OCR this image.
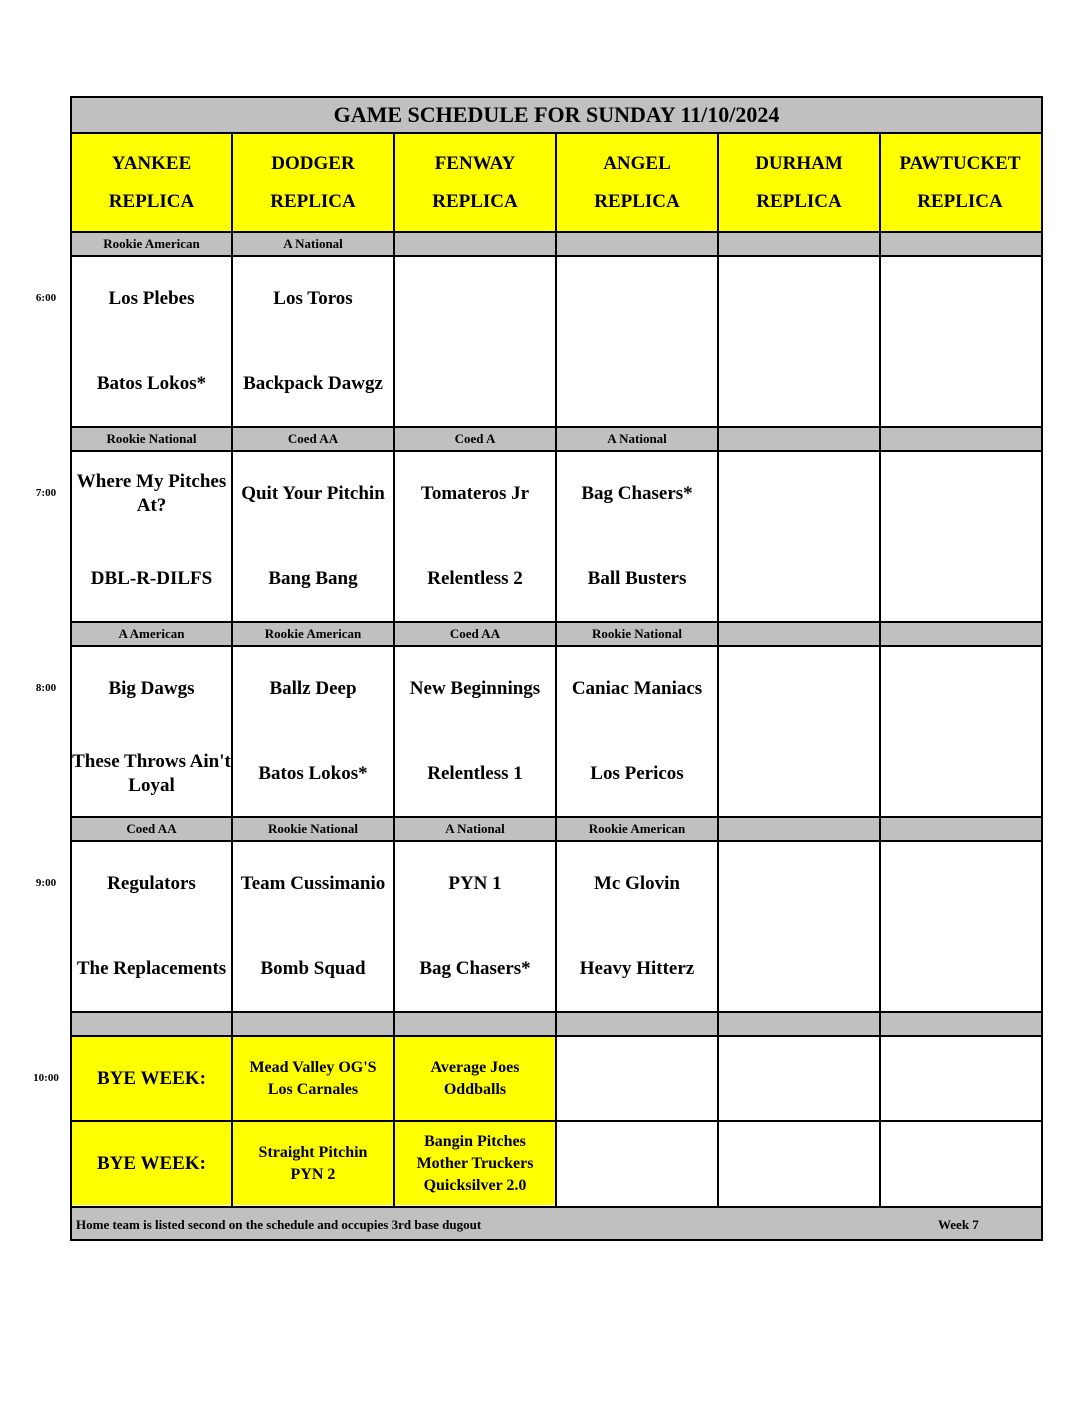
GAME SCHEDULE FOR SUNDAY 11/10/2024
YANKEE
REPLICA
DODGER
REPLICA
FENWAY
REPLICA
ANGEL
REPLICA
DURHAM
REPLICA
PAWTUCKET
REPLICA
Rookie American
Los Plebes
Batos Lokos*
A National
Los Toros
Backpack Dawgz
Rookie National
Where My Pitches At?
DBL-R-DILFS
Coed AA
Quit Your Pitchin
Bang Bang
Coed A
Tomateros Jr
Relentless 2
A National
Bag Chasers*
Ball Busters
A American
Big Dawgs
These Throws Ain't Loyal
Rookie American
Ballz Deep
Batos Lokos*
Coed AA
New Beginnings
Relentless 1
Rookie National
Caniac Maniacs
Los Pericos
Coed AA
Regulators
The Replacements
Rookie National
Team Cussimanio
Bomb Squad
A National
PYN 1
Bag Chasers*
Rookie American
Mc Glovin
Heavy Hitterz
BYE WEEK:
Mead Valley OG'S
Los Carnales
Average Joes
Oddballs
BYE WEEK:
Straight Pitchin
PYN 2
Bangin Pitches
Mother Truckers
Quicksilver 2.0
Home team is listed second on the schedule and occupies 3rd base dugout	Week 7
6:00
7:00
8:00
9:00
10:00
